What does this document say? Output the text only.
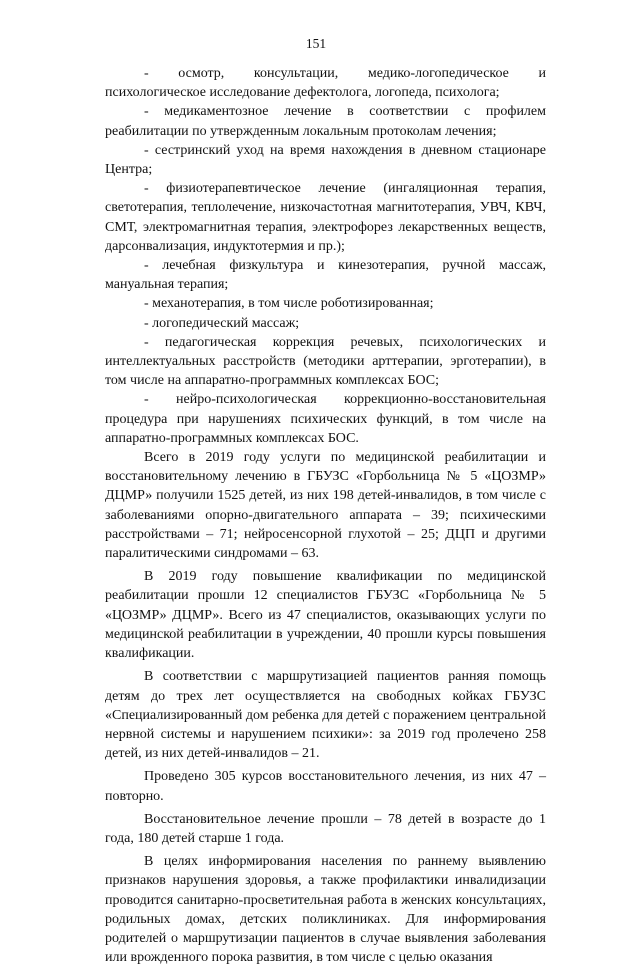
151

- осмотр, консультации, медико-логопедическое и психологическое исследование дефектолога, логопеда, психолога;

- медикаментозное лечение в соответствии с профилем реабилитации по утвержденным локальным протоколам лечения;

- сестринский уход на время нахождения в дневном стационаре Центра;

- физиотерапевтическое лечение (ингаляционная терапия, светотерапия, теплолечение, низкочастотная магнитотерапия, УВЧ, КВЧ, СМТ, электромагнитная терапия, электрофорез лекарственных веществ, дарсонвализация, индуктотермия и пр.);

- лечебная физкультура и кинезотерапия, ручной массаж, мануальная терапия;

- механотерапия, в том числе роботизированная;

- логопедический массаж;

- педагогическая коррекция речевых, психологических и интеллектуальных расстройств (методики арттерапии, эрготерапии), в том числе на аппаратно-программных комплексах БОС;

- нейро-психологическая коррекционно-восстановительная процедура при нарушениях психических функций, в том числе на аппаратно-программных комплексах БОС.

Всего в 2019 году услуги по медицинской реабилитации и восстановительному лечению в ГБУЗС «Горбольница № 5 «ЦОЗМР» ДЦМР» получили 1525 детей, из них 198 детей-инвалидов, в том числе с заболеваниями опорно-двигательного аппарата – 39; психическими расстройствами – 71; нейросенсорной глухотой – 25; ДЦП и другими паралитическими синдромами – 63.

В 2019 году повышение квалификации по медицинской реабилитации прошли 12 специалистов ГБУЗС «Горбольница № 5 «ЦОЗМР» ДЦМР». Всего из 47 специалистов, оказывающих услуги по медицинской реабилитации в учреждении, 40 прошли курсы повышения квалификации.

В соответствии с маршрутизацией пациентов ранняя помощь детям до трех лет осуществляется на свободных койках ГБУЗС «Специализированный дом ребенка для детей с поражением центральной нервной системы и нарушением психики»: за 2019 год пролечено 258 детей, из них детей-инвалидов – 21.

Проведено 305 курсов восстановительного лечения, из них 47 – повторно.

Восстановительное лечение прошли – 78 детей в возрасте до 1 года, 180 детей старше 1 года.

В целях информирования населения по раннему выявлению признаков нарушения здоровья, а также профилактики инвалидизации проводится санитарно-просветительная работа в женских консультациях, родильных домах, детских поликлиниках. Для информирования родителей о маршрутизации пациентов в случае выявления заболевания или врожденного порока развития, в том числе с целью оказания
